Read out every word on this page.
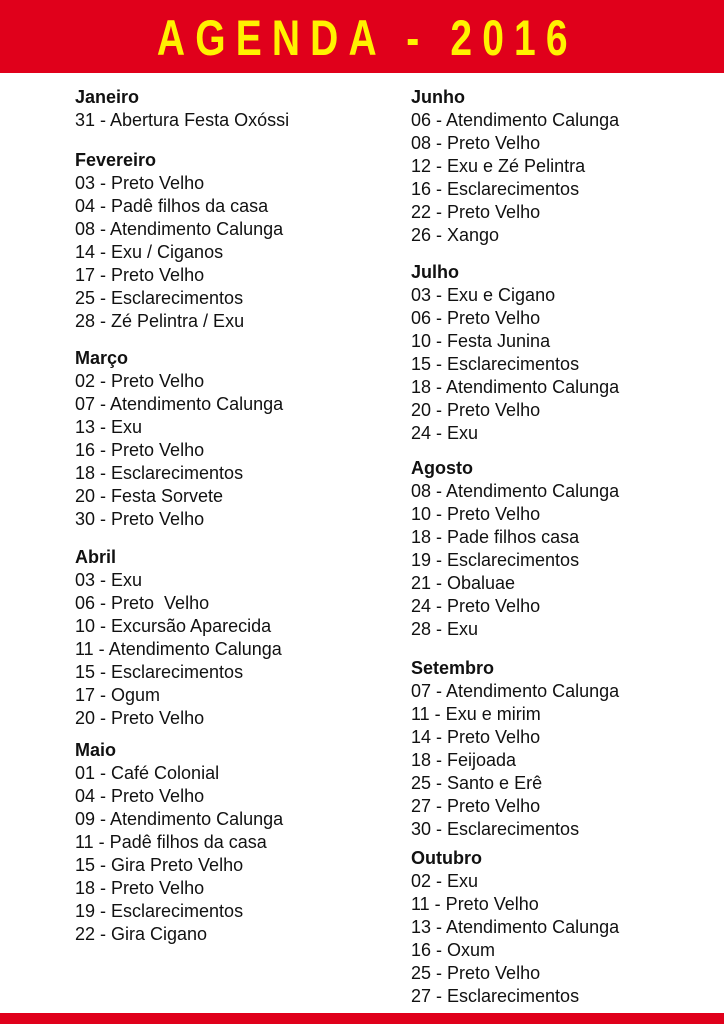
AGENDA - 2016
Janeiro
31 - Abertura Festa Oxóssi
Fevereiro
03 - Preto Velho
04 - Padê filhos da casa
08 - Atendimento Calunga
14 - Exu / Ciganos
17 - Preto Velho
25 - Esclarecimentos
28 - Zé Pelintra / Exu
Março
02 - Preto Velho
07 - Atendimento Calunga
13 - Exu
16 - Preto Velho
18 - Esclarecimentos
20 - Festa Sorvete
30 - Preto Velho
Abril
03 - Exu
06 - Preto  Velho
10 - Excursão Aparecida
11 - Atendimento Calunga
15 - Esclarecimentos
17 - Ogum
20 - Preto Velho
Maio
01 - Café Colonial
04 - Preto Velho
09 - Atendimento Calunga
11 - Padê filhos da casa
15 - Gira Preto Velho
18 - Preto Velho
19 - Esclarecimentos
22 - Gira Cigano
Junho
06 - Atendimento Calunga
08 - Preto Velho
12 - Exu e Zé Pelintra
16 - Esclarecimentos
22 - Preto Velho
26 - Xango
Julho
03 - Exu e Cigano
06 - Preto Velho
10 - Festa Junina
15 - Esclarecimentos
18 - Atendimento Calunga
20 - Preto Velho
24 - Exu
Agosto
08 - Atendimento Calunga
10 - Preto Velho
18 - Pade filhos casa
19 - Esclarecimentos
21 - Obaluae
24 - Preto Velho
28 - Exu
Setembro
07 - Atendimento Calunga
11 - Exu e mirim
14 - Preto Velho
18 - Feijoada
25 - Santo e Erê
27 - Preto Velho
30 - Esclarecimentos
Outubro
02 - Exu
11 - Preto Velho
13 - Atendimento Calunga
16 - Oxum
25 - Preto Velho
27 - Esclarecimentos
